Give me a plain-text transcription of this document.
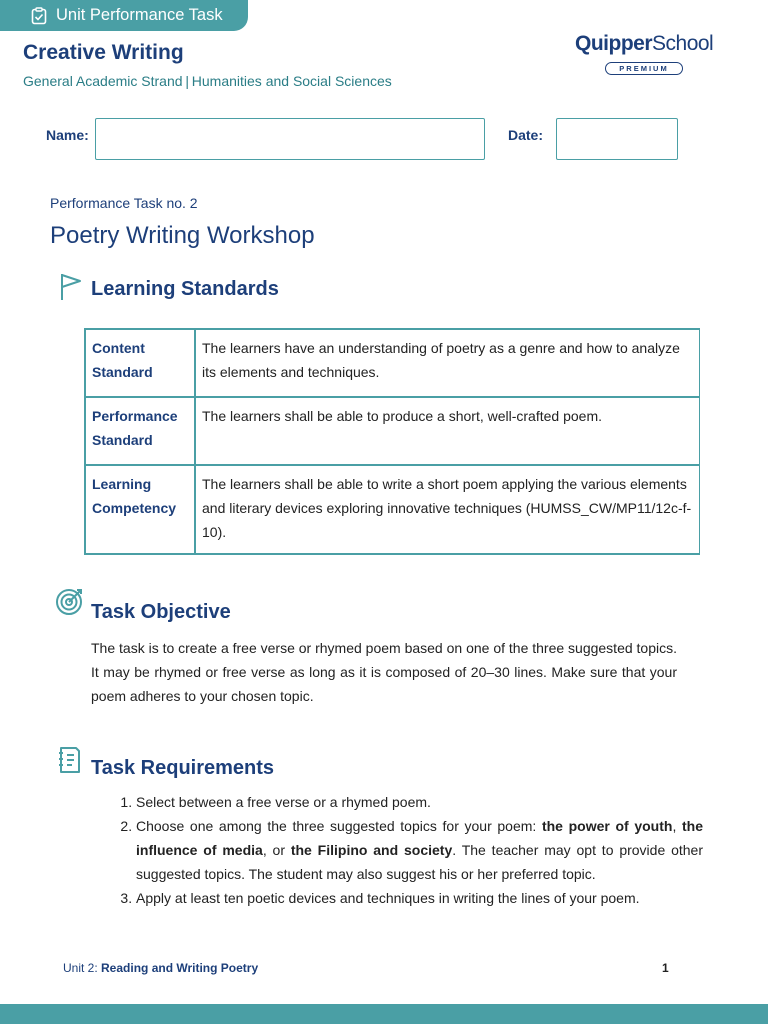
Unit Performance Task
Creative Writing
General Academic Strand | Humanities and Social Sciences
QuipperSchool
PREMIUM
Name:	Date:
Performance Task no. 2
Poetry Writing Workshop
Learning Standards
Content
Standard	The learners have an understanding of poetry as a genre and how to analyze its elements and techniques.
Performance
Standard	The learners shall be able to produce a short, well-crafted poem.
Learning
Competency	The learners shall be able to write a short poem applying the various elements and literary devices exploring innovative techniques (HUMSS_CW/MP11/12c-f-10).
Task Objective
The task is to create a free verse or rhymed poem based on one of the three suggested topics. It may be rhymed or free verse as long as it is composed of 20–30 lines. Make sure that your poem adheres to your chosen topic.
Task Requirements
1. Select between a free verse or a rhymed poem.
2. Choose one among the three suggested topics for your poem: the power of youth, the influence of media, or the Filipino and society. The teacher may opt to provide other suggested topics. The student may also suggest his or her preferred topic.
3. Apply at least ten poetic devices and techniques in writing the lines of your poem.
Unit 2: Reading and Writing Poetry	1
